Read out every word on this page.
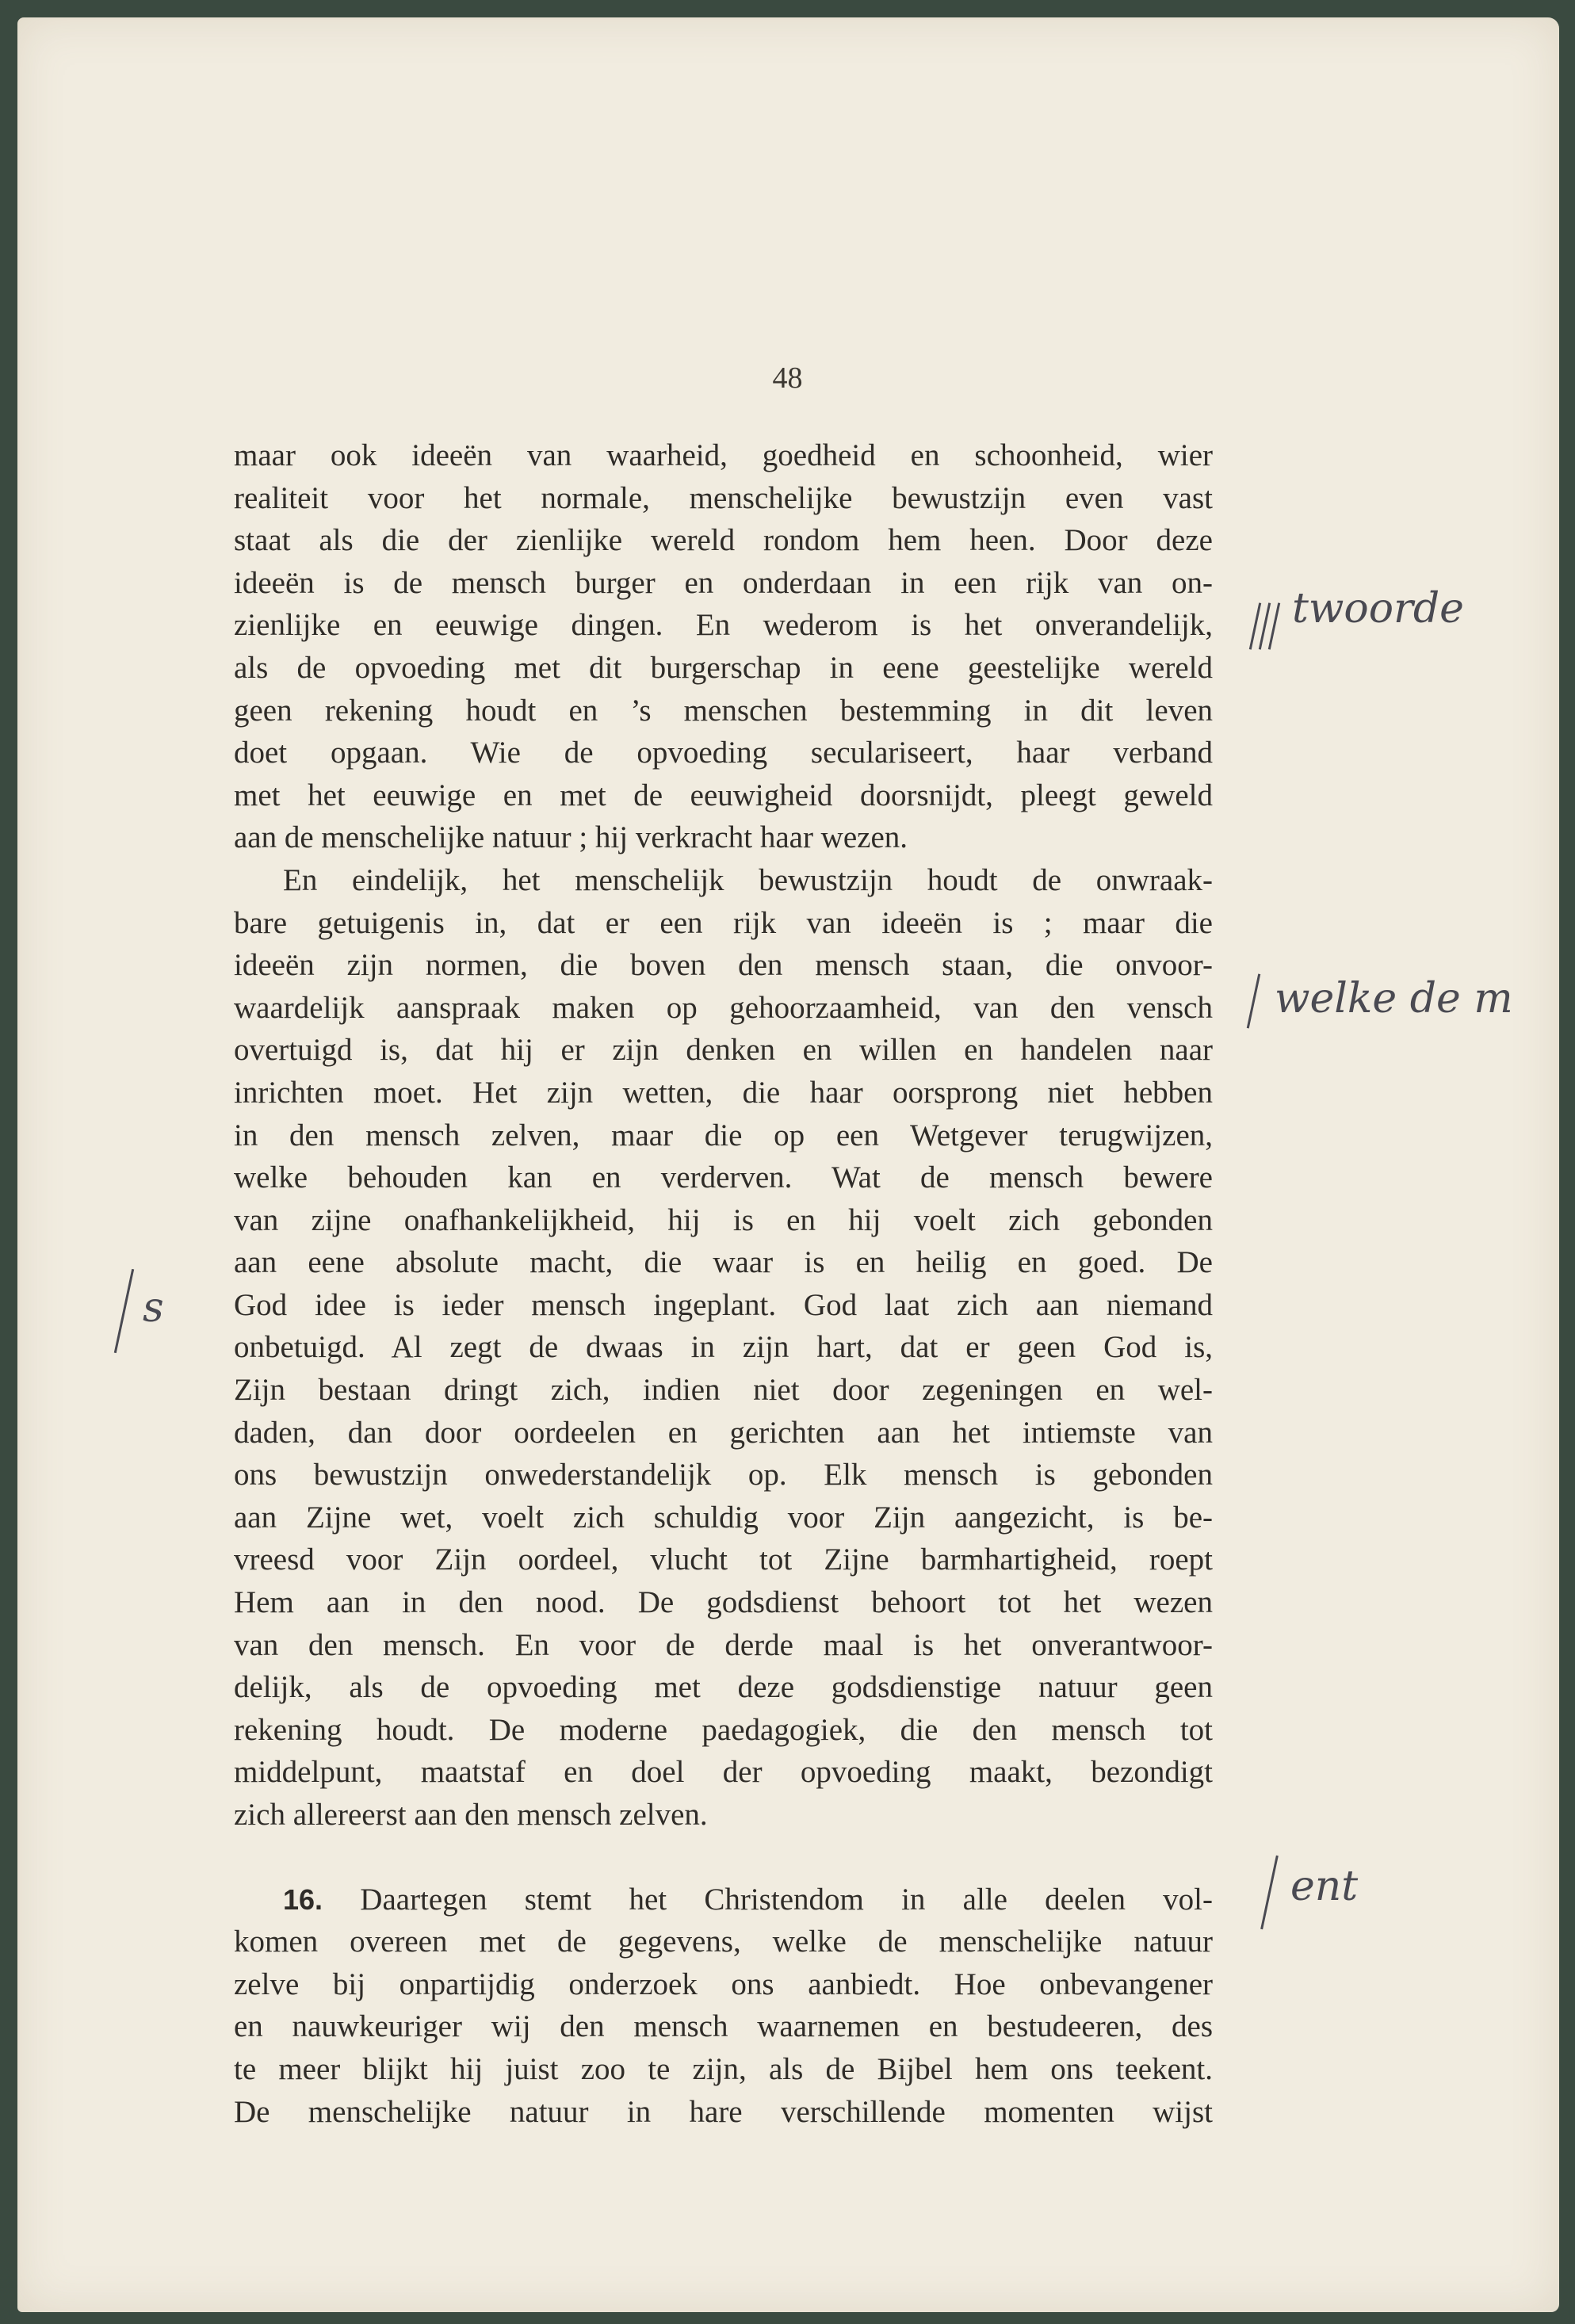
48
maar ook ideeën van waarheid, goedheid en schoonheid, wier
realiteit voor het normale, menschelijke bewustzijn even vast
staat als die der zienlijke wereld rondom hem heen. Door deze
ideeën is de mensch burger en onderdaan in een rijk van on-
zienlijke en eeuwige dingen. En wederom is het onverandelijk,
als de opvoeding met dit burgerschap in eene geestelijke wereld
geen rekening houdt en ’s menschen bestemming in dit leven
doet opgaan. Wie de opvoeding seculariseert, haar verband
met het eeuwige en met de eeuwigheid doorsnijdt, pleegt geweld
aan de menschelijke natuur ; hij verkracht haar wezen.
En eindelijk, het menschelijk bewustzijn houdt de onwraak-
bare getuigenis in, dat er een rijk van ideeën is ; maar die
ideeën zijn normen, die boven den mensch staan, die onvoor-
waardelijk aanspraak maken op gehoorzaamheid, van den vensch
overtuigd is, dat hij er zijn denken en willen en handelen naar
inrichten moet. Het zijn wetten, die haar oorsprong niet hebben
in den mensch zelven, maar die op een Wetgever terugwijzen,
welke behouden kan en verderven. Wat de mensch bewere
van zijne onafhankelijkheid, hij is en hij voelt zich gebonden
aan eene absolute macht, die waar is en heilig en goed. De
God idee is ieder mensch ingeplant. God laat zich aan niemand
onbetuigd. Al zegt de dwaas in zijn hart, dat er geen God is,
Zijn bestaan dringt zich, indien niet door zegeningen en wel-
daden, dan door oordeelen en gerichten aan het intiemste van
ons bewustzijn onwederstandelijk op. Elk mensch is gebonden
aan Zijne wet, voelt zich schuldig voor Zijn aangezicht, is be-
vreesd voor Zijn oordeel, vlucht tot Zijne barmhartigheid, roept
Hem aan in den nood. De godsdienst behoort tot het wezen
van den mensch. En voor de derde maal is het onverantwoor-
delijk, als de opvoeding met deze godsdienstige natuur geen
rekening houdt. De moderne paedagogiek, die den mensch tot
middelpunt, maatstaf en doel der opvoeding maakt, bezondigt
zich allereerst aan den mensch zelven.
16. Daartegen stemt het Christendom in alle deelen vol-
komen overeen met de gegevens, welke de menschelijke natuur
zelve bij onpartijdig onderzoek ons aanbiedt. Hoe onbevangener
en nauwkeuriger wij den mensch waarnemen en bestudeeren, des
te meer blijkt hij juist zoo te zijn, als de Bijbel hem ons teekent.
De menschelijke natuur in hare verschillende momenten wijst
twoorde
welke de m
s
ent
